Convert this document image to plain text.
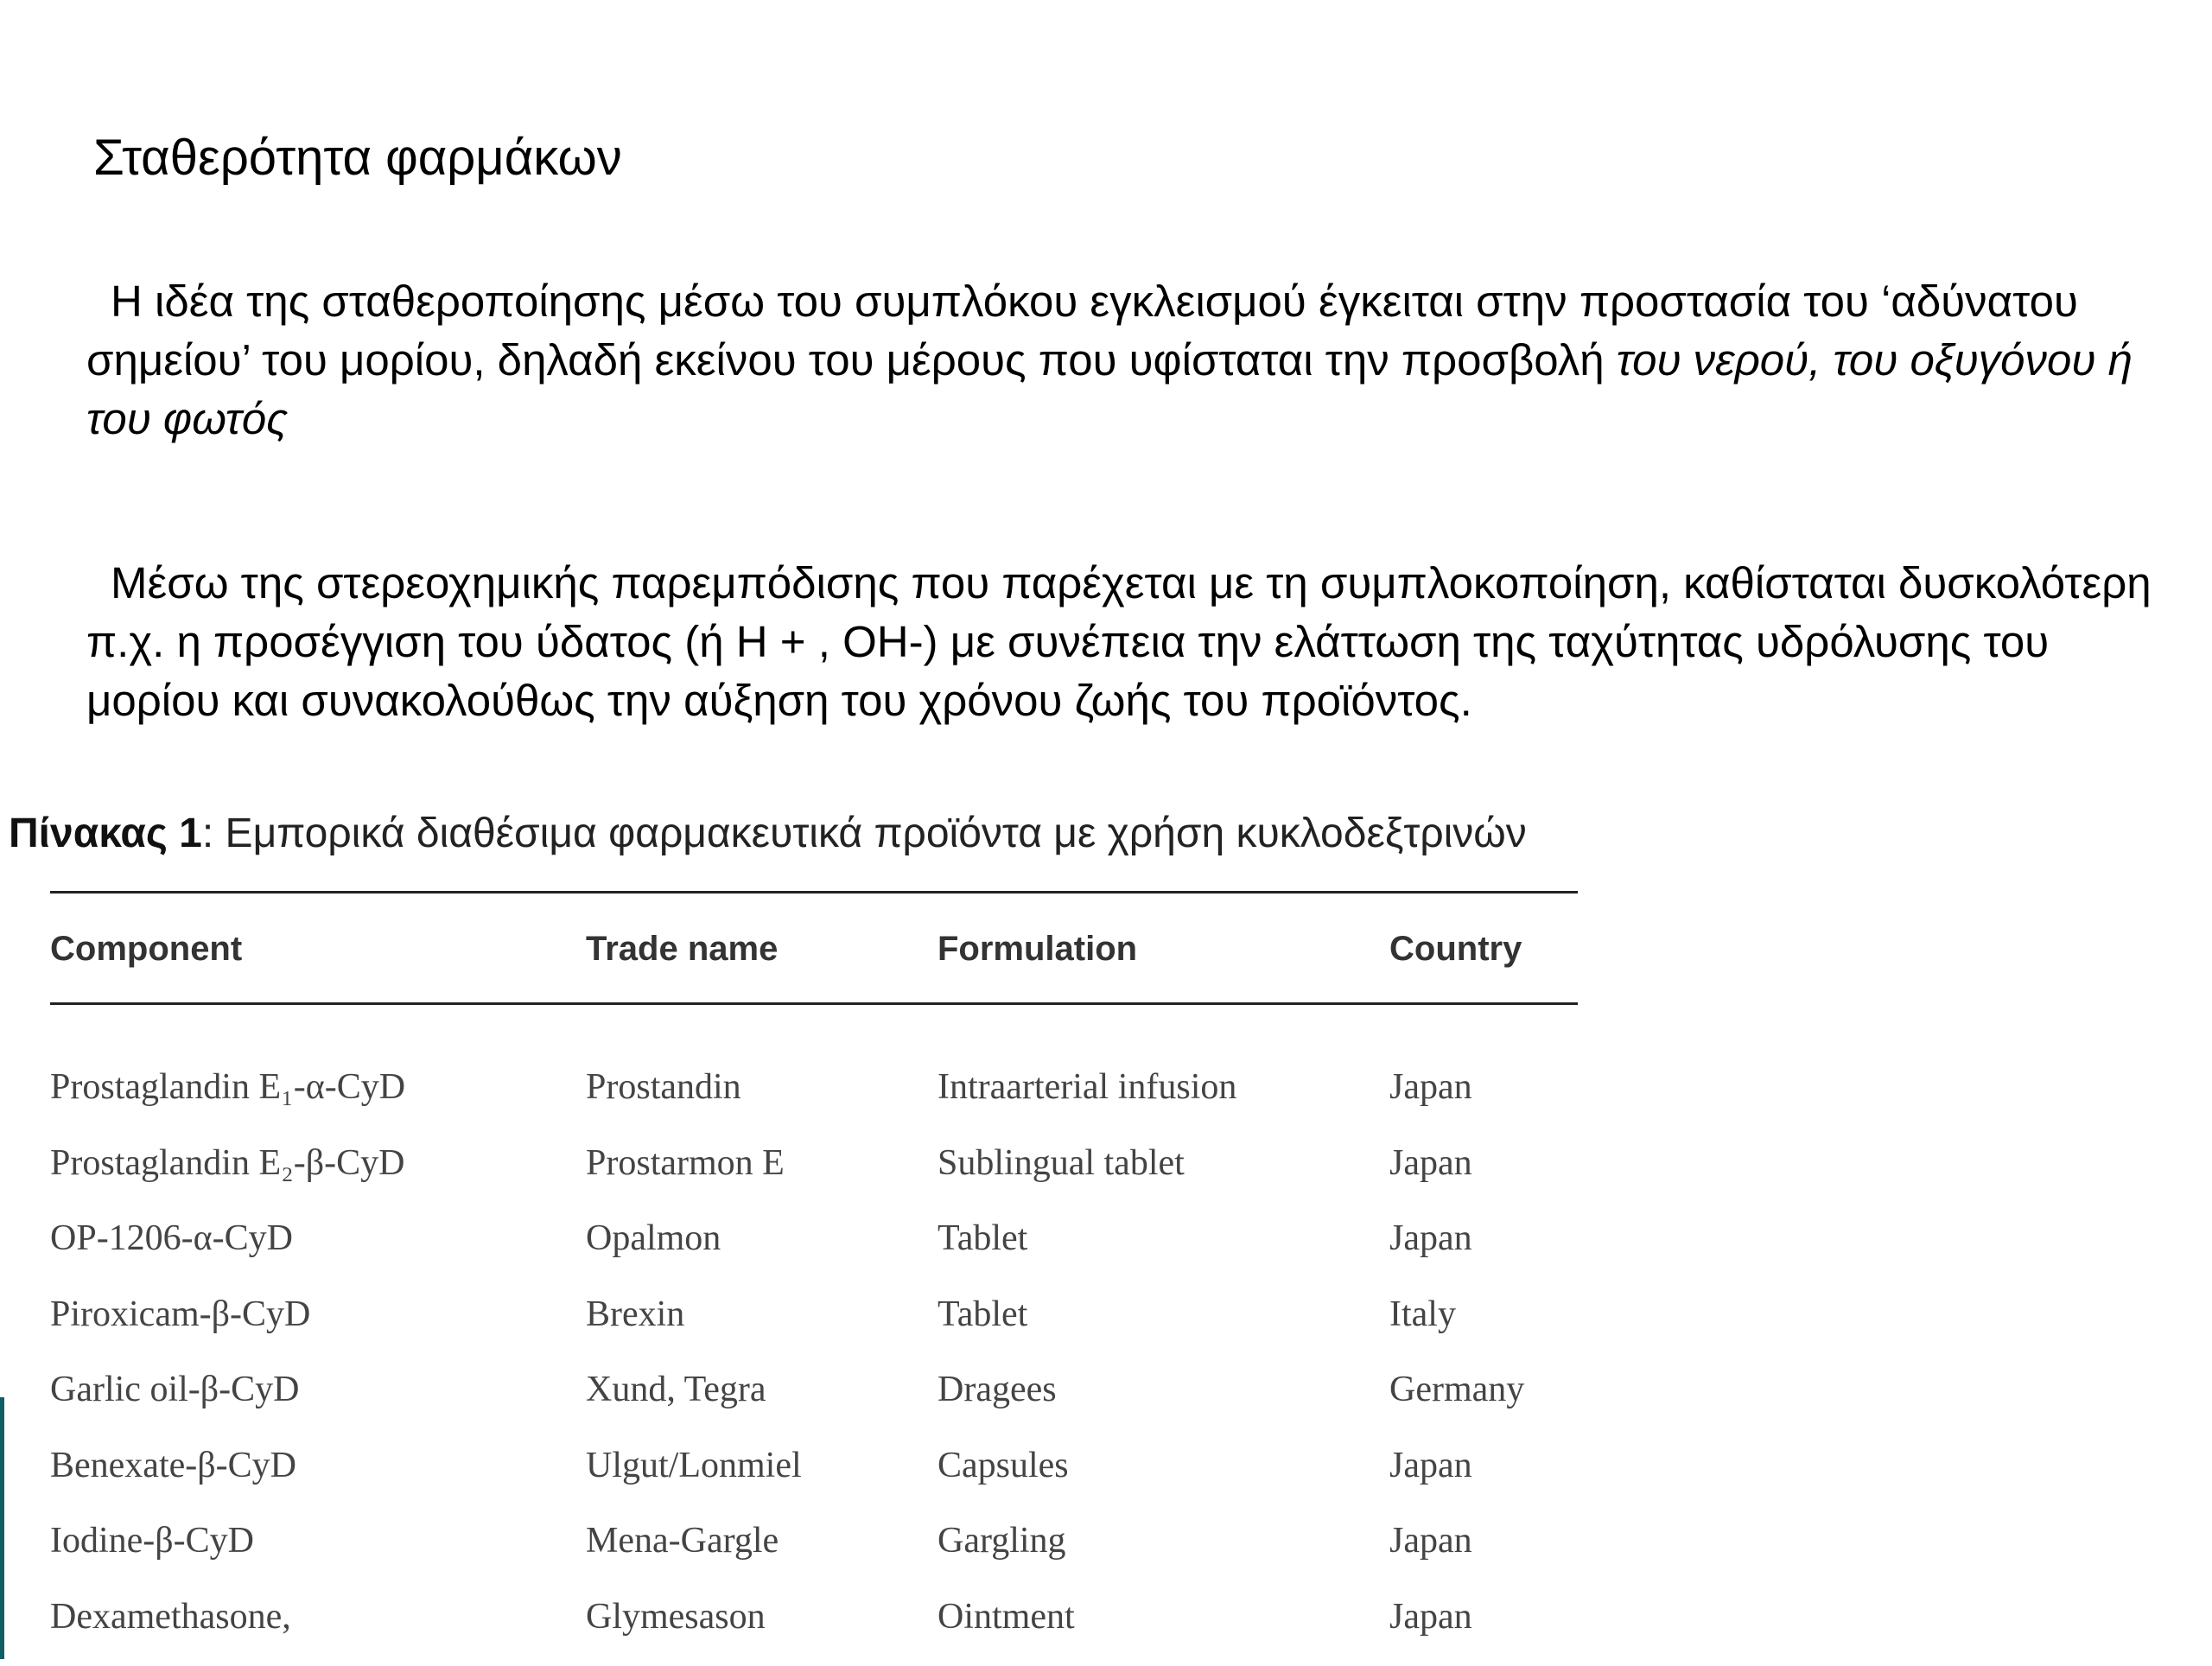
Σταθερότητα φαρμάκων
Η ιδέα της σταθεροποίησης μέσω του συμπλόκου εγκλεισμού έγκειται στην προστασία του ‘αδύνατου σημείου’ του μορίου, δηλαδή εκείνου του μέρους που υφίσταται την προσβολή του νερού, του οξυγόνου ή του φωτός
Μέσω της στερεοχημικής παρεμπόδισης που παρέχεται με τη συμπλοκοποίηση, καθίσταται δυσκολότερη π.χ. η προσέγγιση του ύδατος (ή H + , OH-) με συνέπεια την ελάττωση της ταχύτητας υδρόλυσης του μορίου και συνακολούθως την αύξηση του χρόνου ζωής του προϊόντος.
Πίνακας 1: Εμπορικά διαθέσιμα φαρμακευτικά προϊόντα με χρήση κυκλοδεξτρινών
Component	Trade name	Formulation	Country
Prostaglandin E₁-α-CyD	Prostandin	Intraarterial infusion	Japan
Prostaglandin E₂-β-CyD	Prostarmon E	Sublingual tablet	Japan
OP-1206-α-CyD	Opalmon	Tablet	Japan
Piroxicam-β-CyD	Brexin	Tablet	Italy
Garlic oil-β-CyD	Xund, Tegra	Dragees	Germany
Benexate-β-CyD	Ulgut/Lonmiel	Capsules	Japan
Iodine-β-CyD	Mena-Gargle	Gargling	Japan
Dexamethasone,	Glymesason	Ointment	Japan
